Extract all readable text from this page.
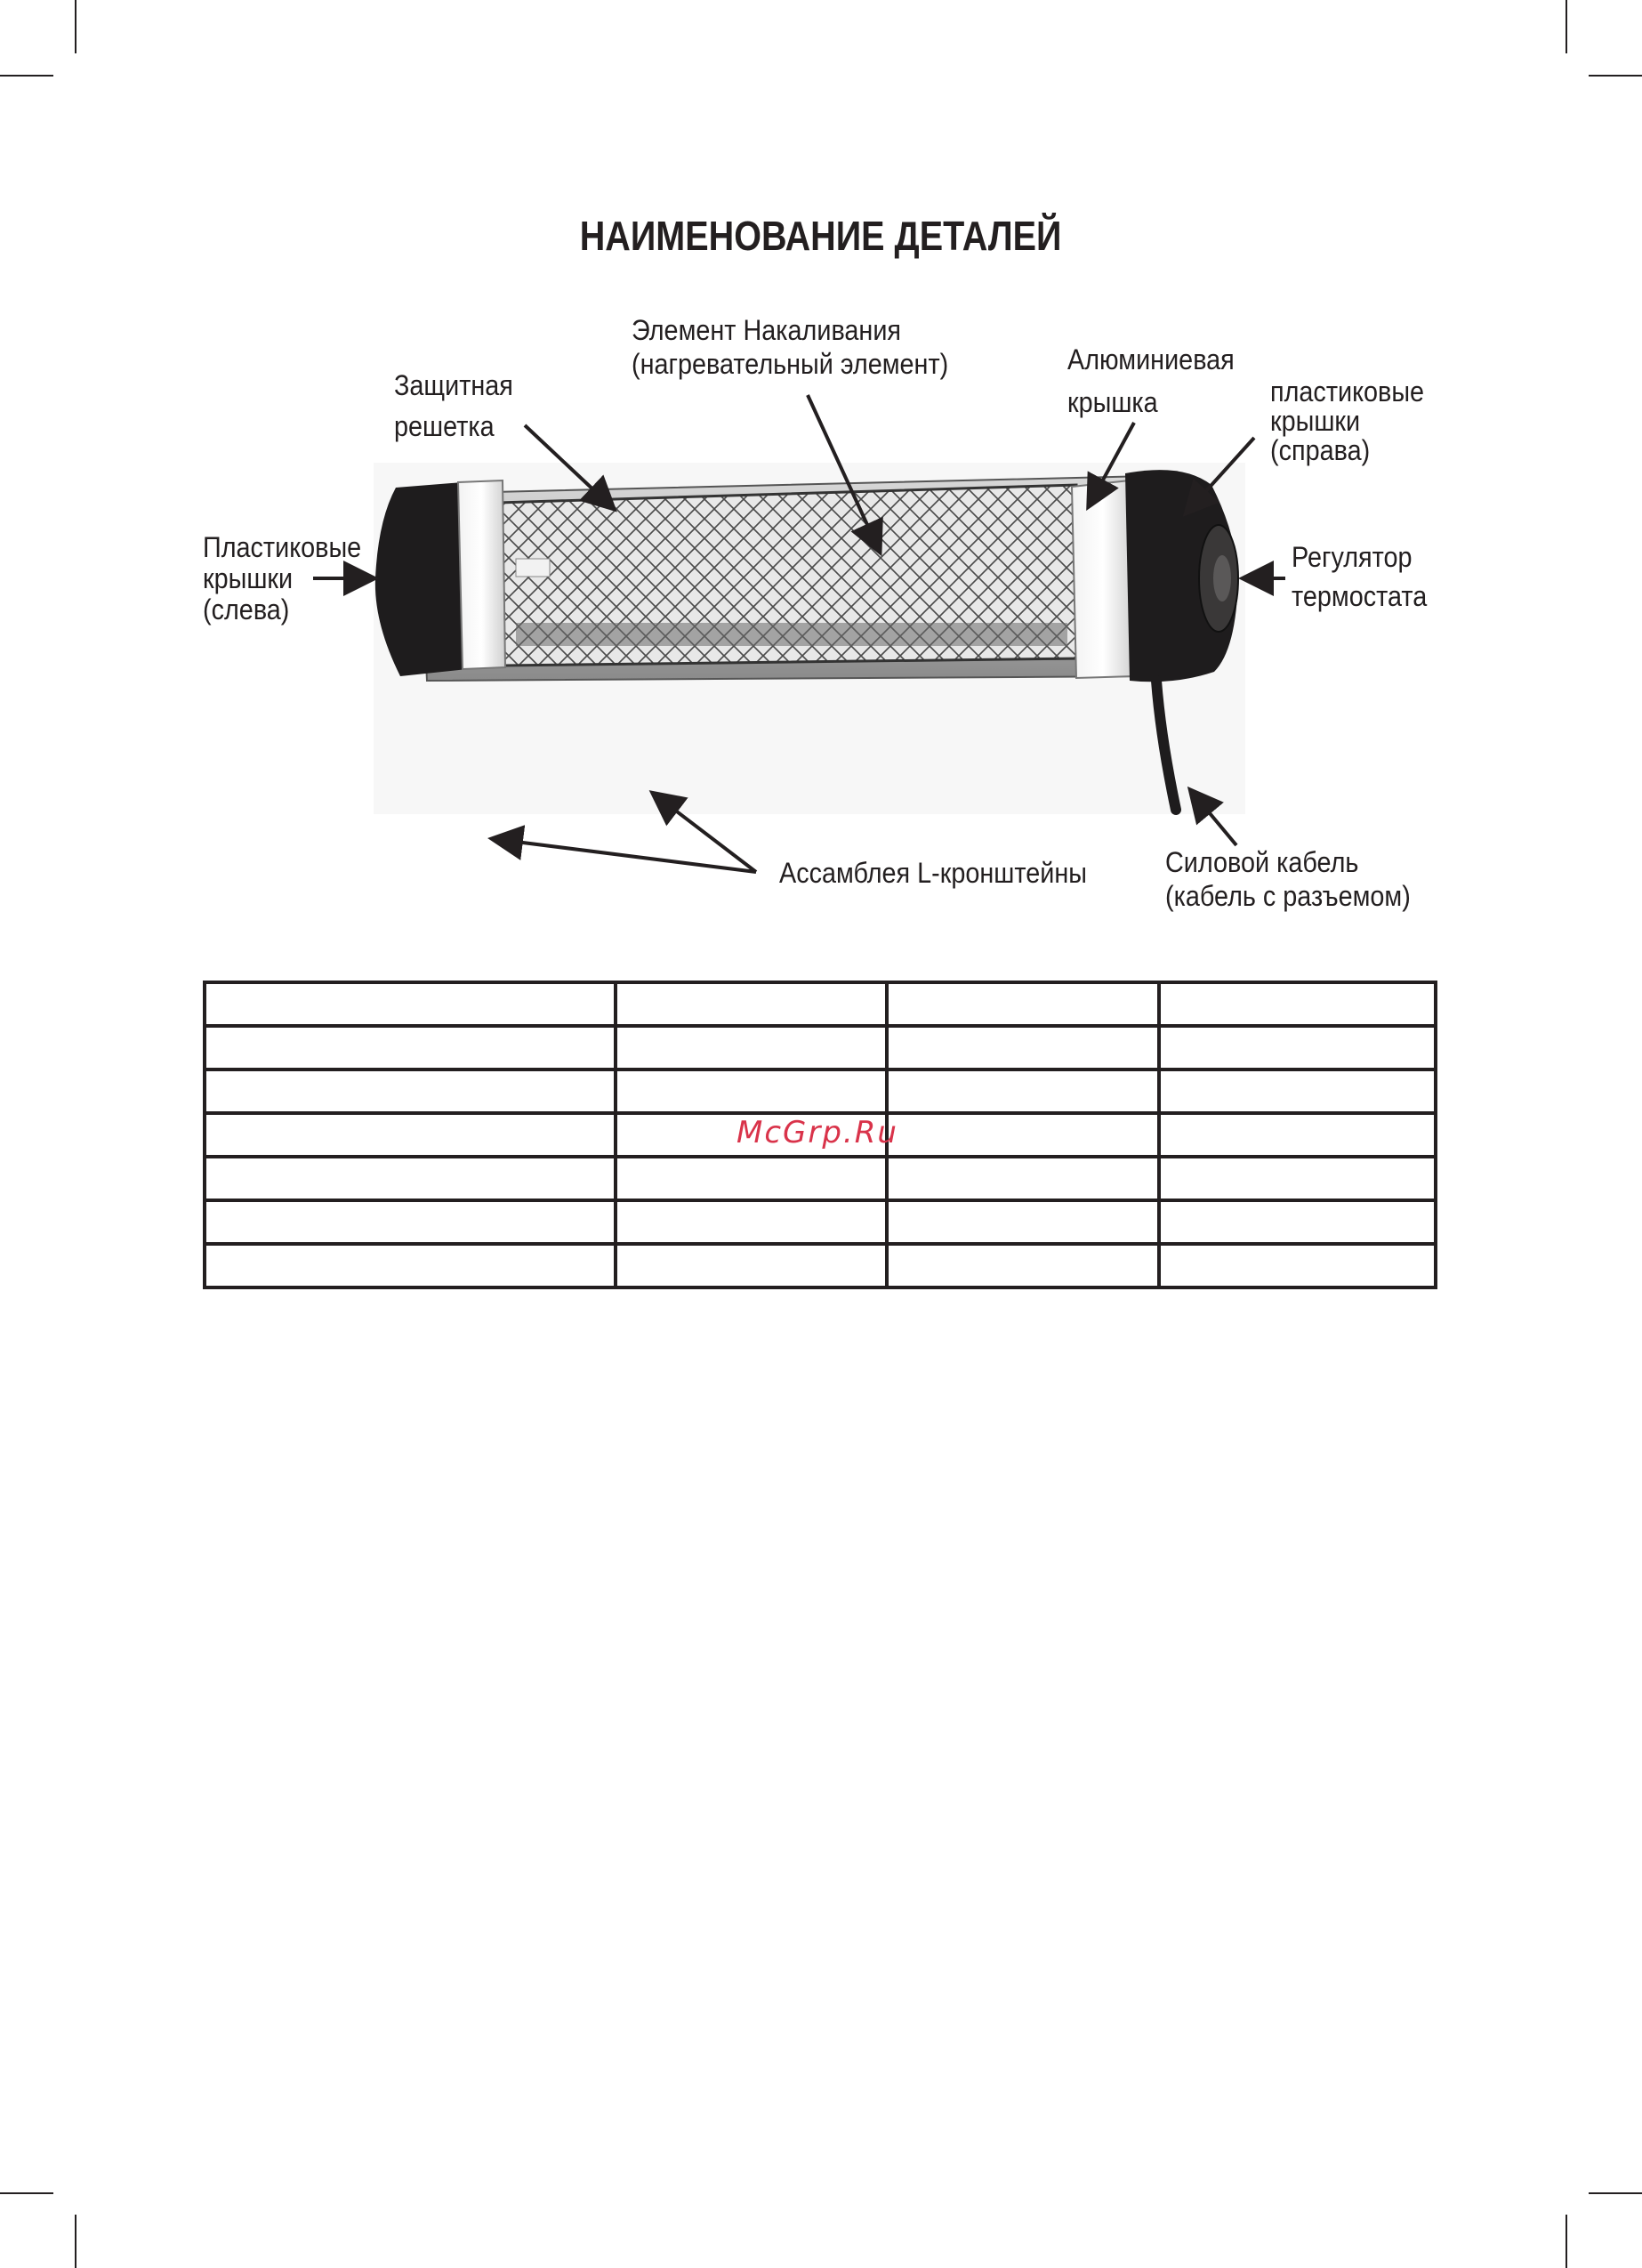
НАИМЕНОВАНИЕ ДЕТАЛЕЙ
Защитная
решетка
Элемент Накаливания
(нагревательный элемент)	Алюминиевая
крышка	пластиковые
крышки
(справа)
Пластиковые
крышки
(слева)
Регулятор
термостата
Ассамблея L-кронштейны	Силовой кабель
(кабель с разъемом)

McGrp.Ru
